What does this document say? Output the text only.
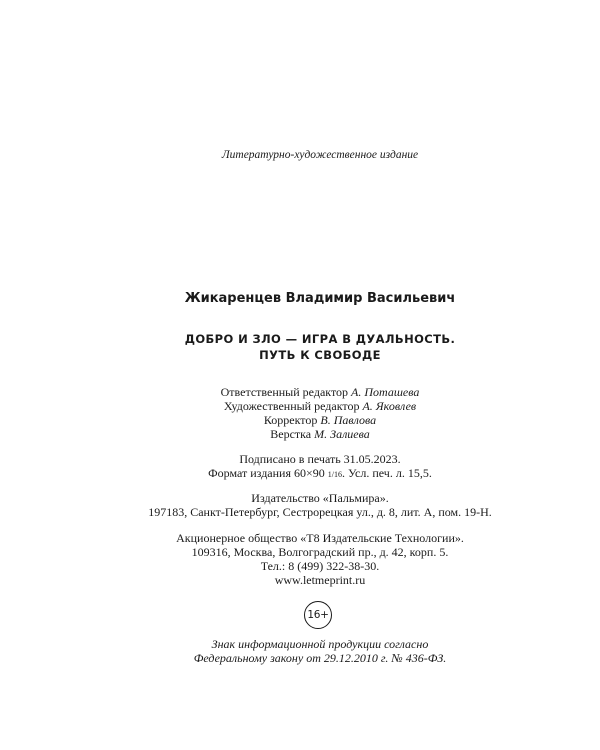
Литературно-художественное издание
Жикаренцев Владимир Васильевич
ДОБРО И ЗЛО — ИГРА В ДУАЛЬНОСТЬ.
ПУТЬ К СВОБОДЕ
Ответственный редактор А. Поташева
Художественный редактор А. Яковлев
Корректор В. Павлова
Верстка М. Залиева
Подписано в печать 31.05.2023.
Формат издания 60×90 1/16. Усл. печ. л. 15,5.
Издательство «Пальмира».
197183, Санкт-Петербург, Сестрорецкая ул., д. 8, лит. А, пом. 19-Н.
Акционерное общество «Т8 Издательские Технологии».
109316, Москва, Волгоградский пр., д. 42, корп. 5.
Тел.: 8 (499) 322-38-30.
www.letmeprint.ru
16+
Знак информационной продукции согласно
Федеральному закону от 29.12.2010 г. № 436-ФЗ.
